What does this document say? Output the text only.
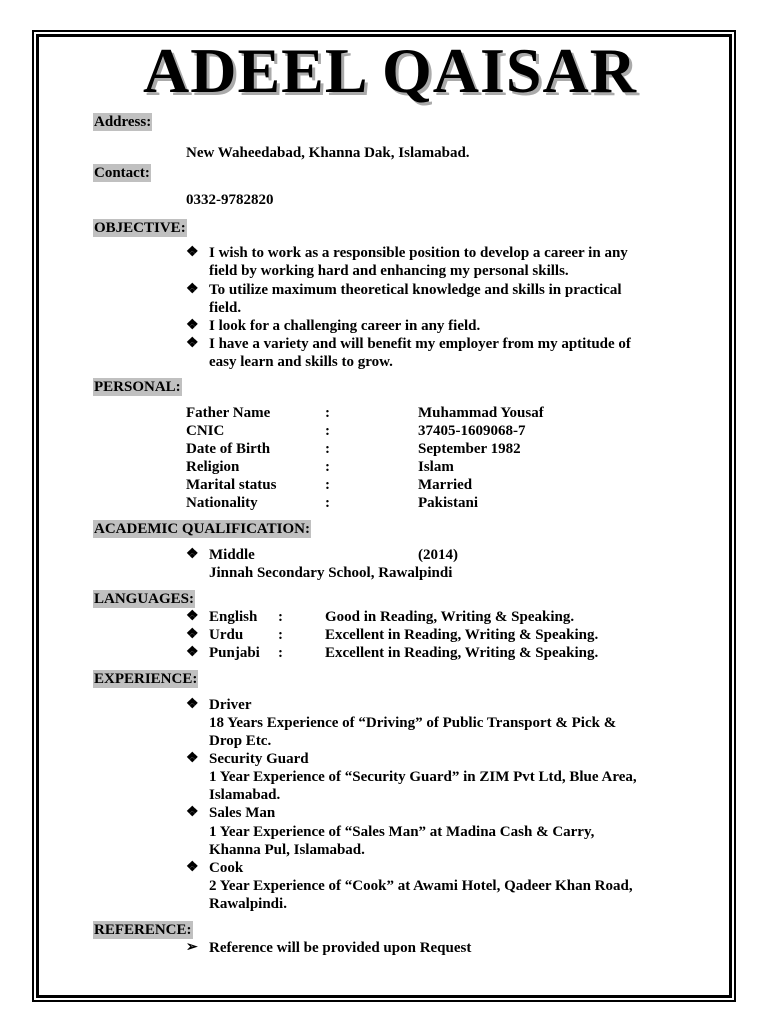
ADEEL QAISAR
Address:
New Waheedabad, Khanna Dak, Islamabad.
Contact:
0332-9782820
OBJECTIVE:
❖ I wish to work as a responsible position to develop a career in any
field by working hard and enhancing my personal skills.
❖ To utilize maximum theoretical knowledge and skills in practical
field.
❖ I look for a challenging career in any field.
❖ I have a variety and will benefit my employer from my aptitude of
easy learn and skills to grow.
PERSONAL:
Father Name	:	Muhammad Yousaf
CNIC	:	37405-1609068-7
Date of Birth	:	September 1982
Religion	:	Islam
Marital status	:	Married
Nationality	:	Pakistani
ACADEMIC QUALIFICATION:
❖ Middle	(2014)
Jinnah Secondary School, Rawalpindi
LANGUAGES:
❖ English :	Good in Reading, Writing & Speaking.
❖ Urdu :	Excellent in Reading, Writing & Speaking.
❖ Punjabi :	Excellent in Reading, Writing & Speaking.
EXPERIENCE:
❖ Driver
18 Years Experience of “Driving” of Public Transport & Pick &
Drop Etc.
❖ Security Guard
1 Year Experience of “Security Guard” in ZIM Pvt Ltd, Blue Area,
Islamabad.
❖ Sales Man
1 Year Experience of “Sales Man” at Madina Cash & Carry,
Khanna Pul, Islamabad.
❖ Cook
2 Year Experience of “Cook” at Awami Hotel, Qadeer Khan Road,
Rawalpindi.
REFERENCE:
➢ Reference will be provided upon Request
